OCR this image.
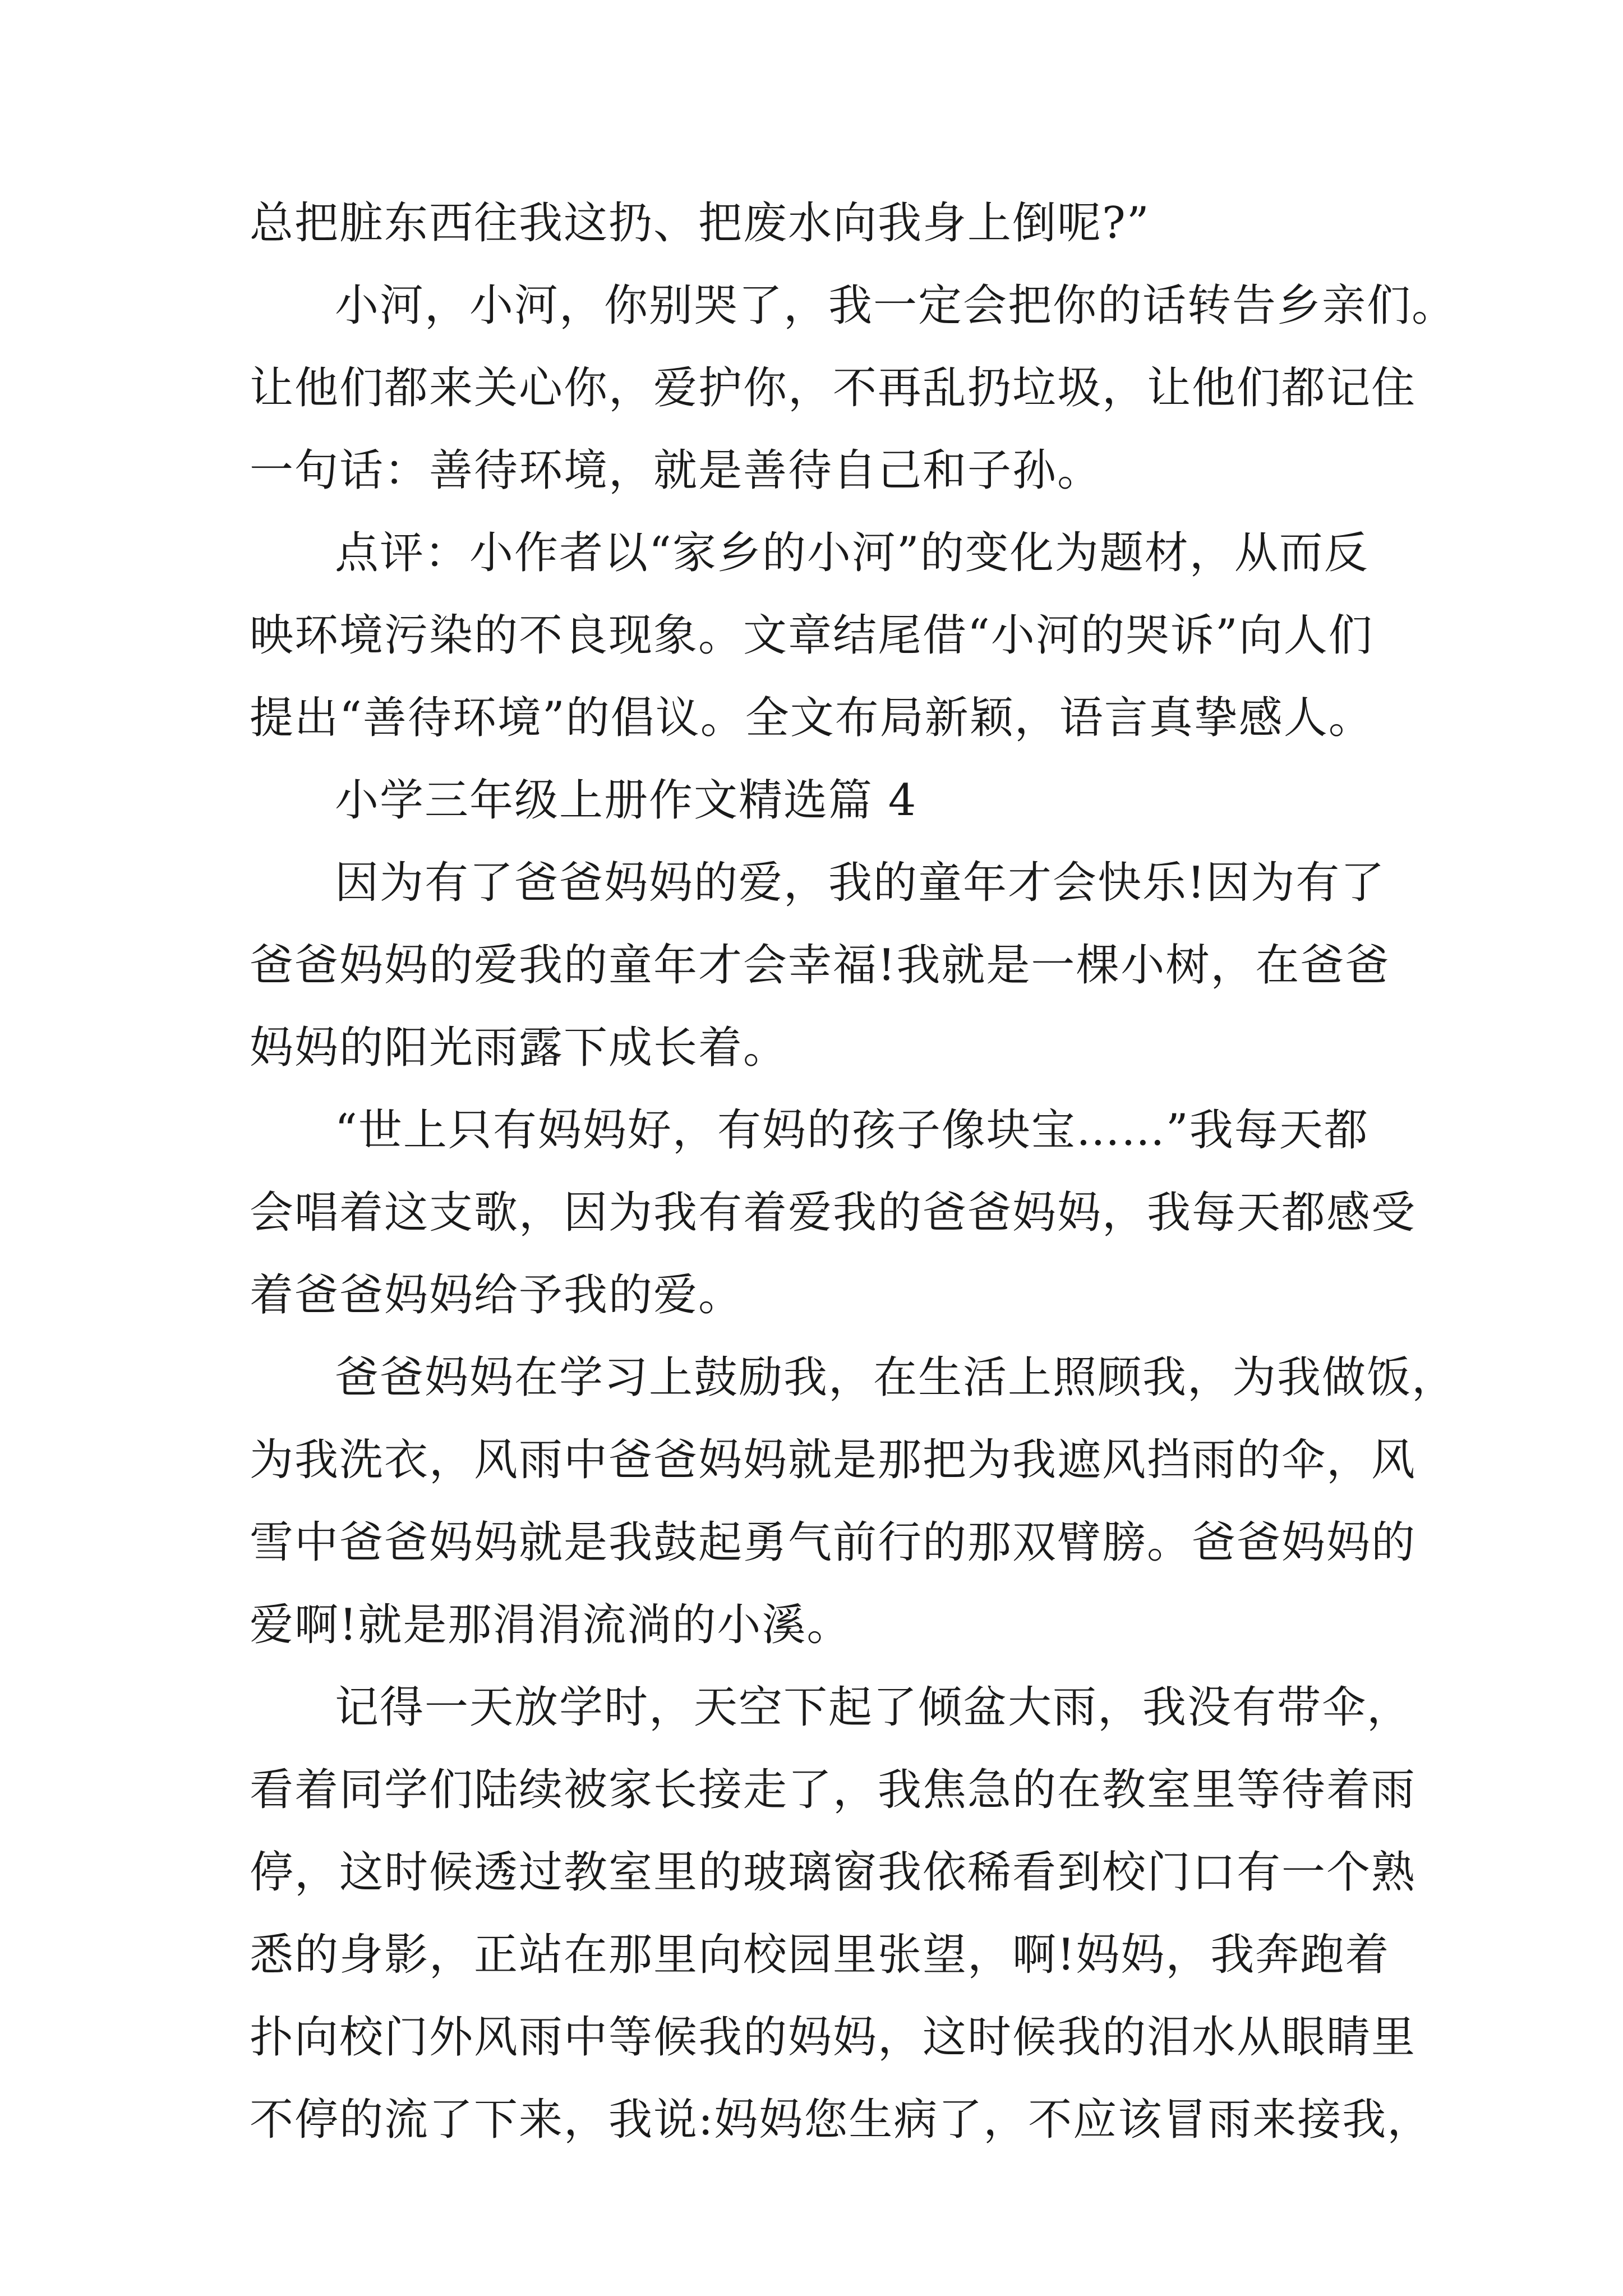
总把脏东西往我这扔、把废水向我身上倒呢?”
小河，小河，你别哭了，我一定会把你的话转告乡亲们。
让他们都来关心你，爱护你，不再乱扔垃圾，让他们都记住
一句话：善待环境，就是善待自己和子孙。
点评：小作者以“家乡的小河”的变化为题材，从而反
映环境污染的不良现象。文章结尾借“小河的哭诉”向人们
提出“善待环境”的倡议。全文布局新颖，语言真挚感人。
小学三年级上册作文精选篇 4
因为有了爸爸妈妈的爱，我的童年才会快乐!因为有了
爸爸妈妈的爱我的童年才会幸福!我就是一棵小树，在爸爸
妈妈的阳光雨露下成长着。
“世上只有妈妈好，有妈的孩子像块宝……”我每天都
会唱着这支歌，因为我有着爱我的爸爸妈妈，我每天都感受
着爸爸妈妈给予我的爱。
爸爸妈妈在学习上鼓励我，在生活上照顾我，为我做饭，
为我洗衣，风雨中爸爸妈妈就是那把为我遮风挡雨的伞，风
雪中爸爸妈妈就是我鼓起勇气前行的那双臂膀。爸爸妈妈的
爱啊!就是那涓涓流淌的小溪。
记得一天放学时，天空下起了倾盆大雨，我没有带伞，
看着同学们陆续被家长接走了，我焦急的在教室里等待着雨
停，这时候透过教室里的玻璃窗我依稀看到校门口有一个熟
悉的身影，正站在那里向校园里张望，啊!妈妈，我奔跑着
扑向校门外风雨中等候我的妈妈，这时候我的泪水从眼睛里
不停的流了下来，我说:妈妈您生病了，不应该冒雨来接我，
